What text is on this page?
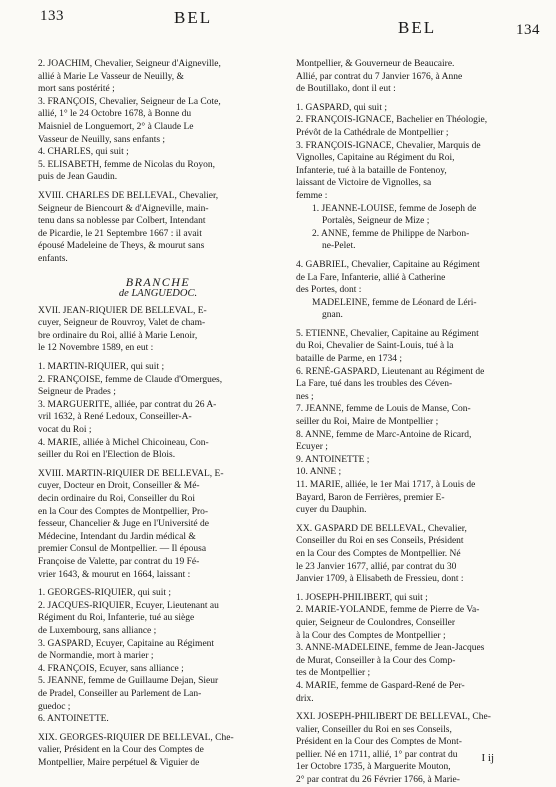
133	BEL
BEL	134
2. JOACHIM, Chevalier, Seigneur d'Aigneville,
allié à Marie Le Vasseur de Neuilly, &
mort sans postérité ;
3. FRANÇOIS, Chevalier, Seigneur de La Cote,
allié, 1° le 24 Octobre 1678, à Bonne du
Maisniel de Longuemort, 2° à Claude Le
Vasseur de Neuilly, sans enfants ;
4. CHARLES, qui suit ;
5. ELISABETH, femme de Nicolas du Royon,
puis de Jean Gaudin.
XVIII. CHARLES DE BELLEVAL, Chevalier,
Seigneur de Biencourt & d'Aigneville, main-
tenu dans sa noblesse par Colbert, Intendant
de Picardie, le 21 Septembre 1667 : il avait
épousé Madeleine de Theys, & mourut sans
enfants.
BRANCHE
de LANGUEDOC.
XVII. JEAN-RIQUIER DE BELLEVAL, E-
cuyer, Seigneur de Rouvroy, Valet de cham-
bre ordinaire du Roi, allié à Marie Lenoir,
le 12 Novembre 1589, en eut :
1. MARTIN-RIQUIER, qui suit ;
2. FRANÇOISE, femme de Claude d'Omergues,
Seigneur de Prades ;
3. MARGUERITE, alliée, par contrat du 26 A-
vril 1632, à René Ledoux, Conseiller-A-
vocat du Roi ;
4. MARIE, alliée à Michel Chicoineau, Con-
seiller du Roi en l'Election de Blois.
XVIII. MARTIN-RIQUIER DE BELLEVAL, E-
cuyer, Docteur en Droit, Conseiller & Mé-
decin ordinaire du Roi, Conseiller du Roi
en la Cour des Comptes de Montpellier, Pro-
fesseur, Chancelier & Juge en l'Université de
Médecine, Intendant du Jardin médical &
premier Consul de Montpellier. — Il épousa
Françoise de Valette, par contrat du 19 Fé-
vrier 1643, & mourut en 1664, laissant :
1. GEORGES-RIQUIER, qui suit ;
2. JACQUES-RIQUIER, Ecuyer, Lieutenant au
Régiment du Roi, Infanterie, tué au siège
de Luxembourg, sans alliance ;
3. GASPARD, Ecuyer, Capitaine au Régiment
de Normandie, mort à marier ;
4. FRANÇOIS, Ecuyer, sans alliance ;
5. JEANNE, femme de Guillaume Dejan, Sieur
de Pradel, Conseiller au Parlement de Lan-
guedoc ;
6. ANTOINETTE.
XIX. GEORGES-RIQUIER DE BELLEVAL, Che-
valier, Président en la Cour des Comptes de
Montpellier, Maire perpétuel & Viguier de
Montpellier, & Gouverneur de Beaucaire.
Allié, par contrat du 7 Janvier 1676, à Anne
de Boutillako, dont il eut :
1. GASPARD, qui suit ;
2. FRANÇOIS-IGNACE, Bachelier en Théologie,
Prévôt de la Cathédrale de Montpellier ;
3. FRANÇOIS-IGNACE, Chevalier, Marquis de
Vignolles, Capitaine au Régiment du Roi,
Infanterie, tué à la bataille de Fontenoy,
laissant de Victoire de Vignolles, sa
femme :
1. JEANNE-LOUISE, femme de Joseph de
Portalès, Seigneur de Mize ;
2. ANNE, femme de Philippe de Narbon-
ne-Pelet.
4. GABRIEL, Chevalier, Capitaine au Régiment
de La Fare, Infanterie, allié à Catherine
des Portes, dont :
MADELEINE, femme de Léonard de Léri-
gnan.
5. ETIENNE, Chevalier, Capitaine au Régiment
du Roi, Chevalier de Saint-Louis, tué à la
bataille de Parme, en 1734 ;
6. RENÉ-GASPARD, Lieutenant au Régiment de
La Fare, tué dans les troubles des Céven-
nes ;
7. JEANNE, femme de Louis de Manse, Con-
seiller du Roi, Maire de Montpellier ;
8. ANNE, femme de Marc-Antoine de Ricard,
Ecuyer ;
9. ANTOINETTE ;
10. ANNE ;
11. MARIE, alliée, le 1er Mai 1717, à Louis de
Bayard, Baron de Ferrières, premier E-
cuyer du Dauphin.
XX. GASPARD DE BELLEVAL, Chevalier,
Conseiller du Roi en ses Conseils, Président
en la Cour des Comptes de Montpellier. Né
le 23 Janvier 1677, allié, par contrat du 30
Janvier 1709, à Elisabeth de Fressieu, dont :
1. JOSEPH-PHILIBERT, qui suit ;
2. MARIE-YOLANDE, femme de Pierre de Va-
quier, Seigneur de Coulondres, Conseiller
à la Cour des Comptes de Montpellier ;
3. ANNE-MADELEINE, femme de Jean-Jacques
de Murat, Conseiller à la Cour des Comp-
tes de Montpellier ;
4. MARIE, femme de Gaspard-René de Per-
drix.
XXI. JOSEPH-PHILIBERT DE BELLEVAL, Che-
valier, Conseiller du Roi en ses Conseils,
Président en la Cour des Comptes de Mont-
pellier. Né en 1711, allié, 1° par contrat du
1er Octobre 1735, à Marguerite Mouton,
2° par contrat du 26 Février 1766, à Marie-
I ij
